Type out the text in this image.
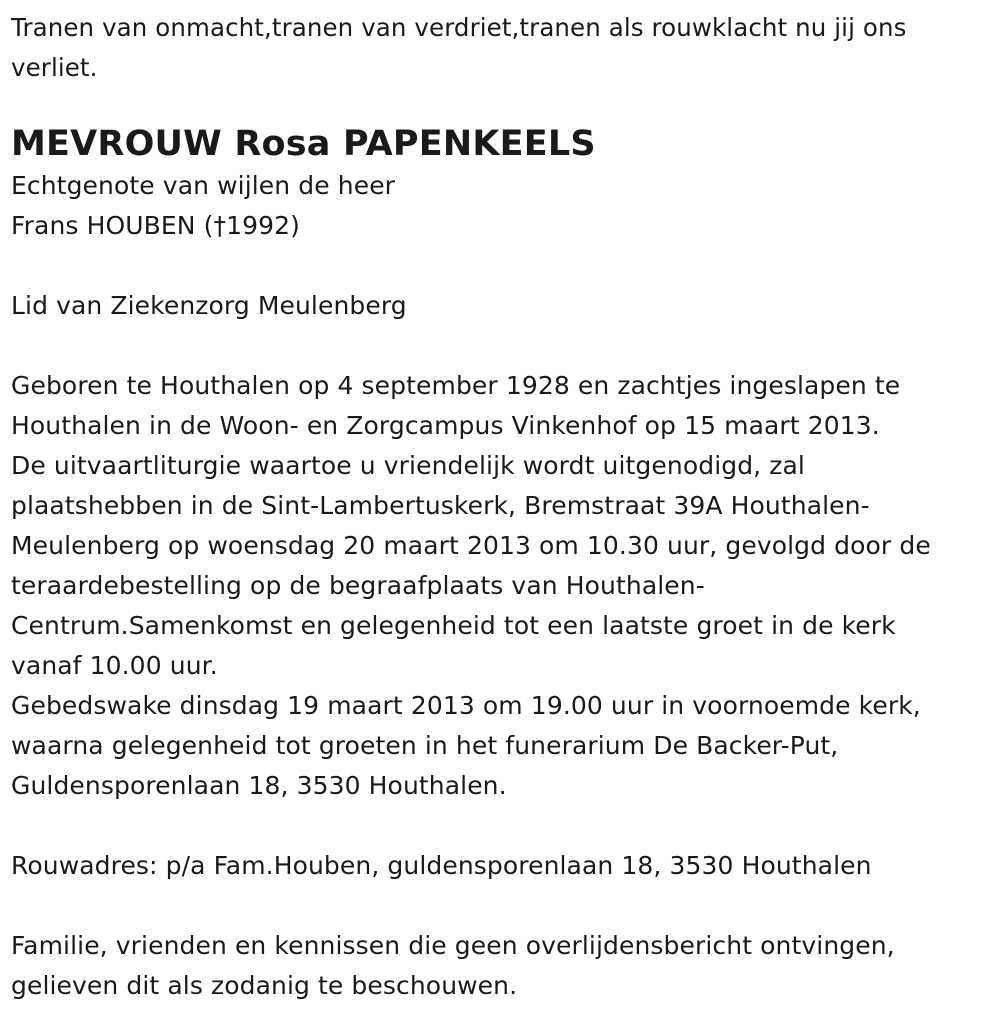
Tranen van onmacht,tranen van verdriet,tranen als rouwklacht nu jij ons
verliet.
MEVROUW Rosa PAPENKEELS
Echtgenote van wijlen de heer
Frans HOUBEN (†1992)
Lid van Ziekenzorg Meulenberg
Geboren te Houthalen op 4 september 1928 en zachtjes ingeslapen te
Houthalen in de Woon- en Zorgcampus Vinkenhof op 15 maart 2013.
De uitvaartliturgie waartoe u vriendelijk wordt uitgenodigd, zal
plaatshebben in de Sint-Lambertuskerk, Bremstraat 39A Houthalen-
Meulenberg op woensdag 20 maart 2013 om 10.30 uur, gevolgd door de
teraardebestelling op de begraafplaats van Houthalen-
Centrum.Samenkomst en gelegenheid tot een laatste groet in de kerk
vanaf 10.00 uur.
Gebedswake dinsdag 19 maart 2013 om 19.00 uur in voornoemde kerk,
waarna gelegenheid tot groeten in het funerarium De Backer-Put,
Guldensporenlaan 18, 3530 Houthalen.
Rouwadres: p/a Fam.Houben, guldensporenlaan 18, 3530 Houthalen
Familie, vrienden en kennissen die geen overlijdensbericht ontvingen,
gelieven dit als zodanig te beschouwen.
